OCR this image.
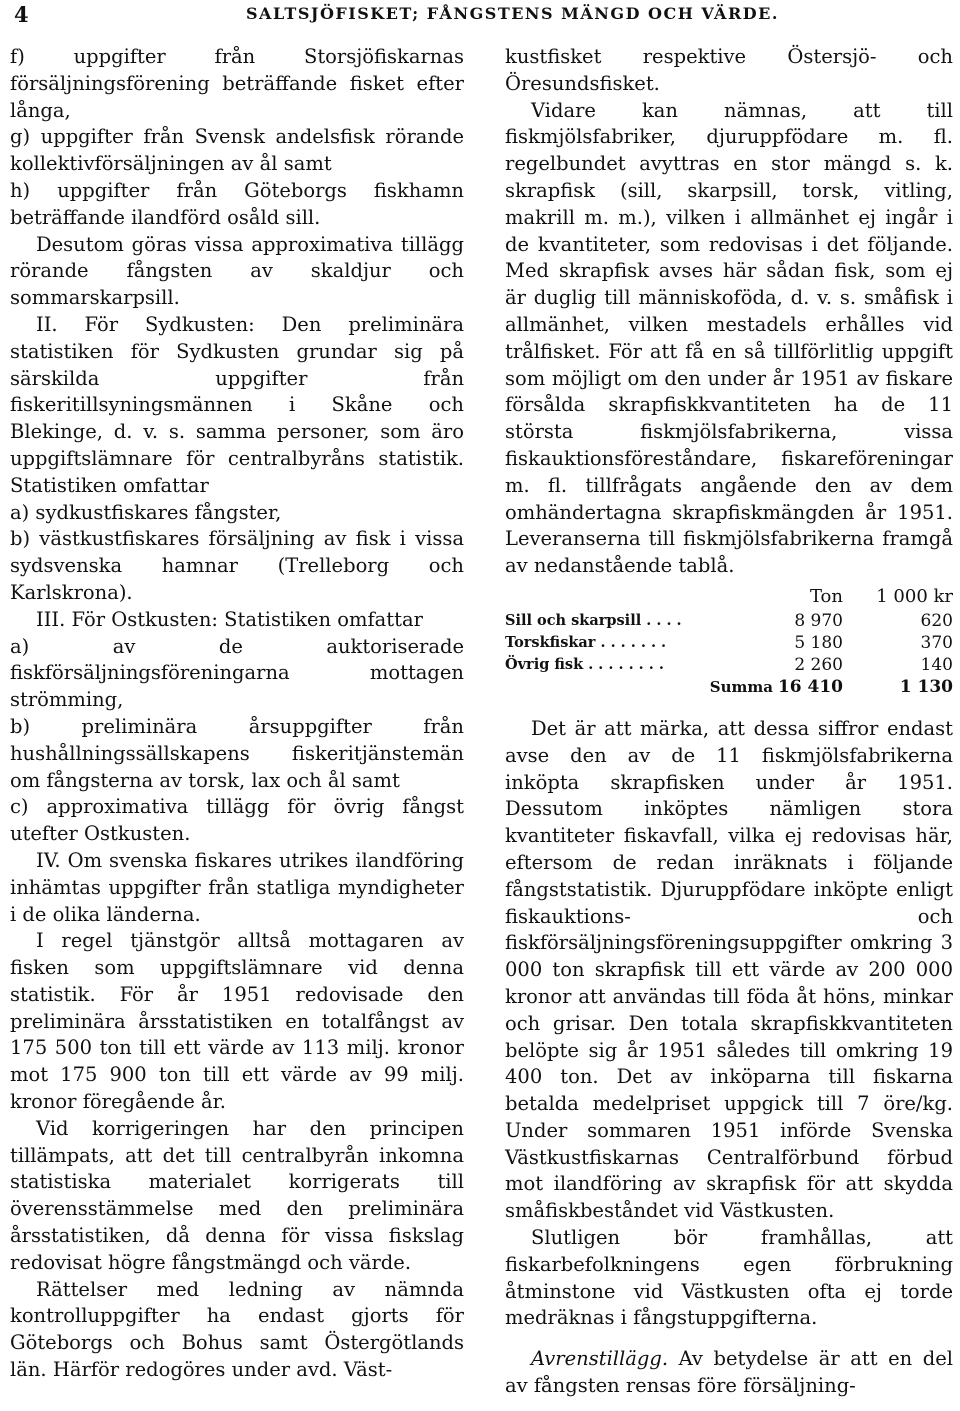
4	SALTSJÖFISKET; FÅNGSTENS MÄNGD OCH VÄRDE.

f) uppgifter från Storsjöfiskarnas försäljningsförening beträffande fisket efter långa,

g) uppgifter från Svensk andelsfisk rörande kollektivförsäljningen av ål samt

h) uppgifter från Göteborgs fiskhamn beträffande ilandförd osåld sill.

Desutom göras vissa approximativa tillägg rörande fångsten av skaldjur och sommarskarpsill.

II. För Sydkusten: Den preliminära statistiken för Sydkusten grundar sig på särskilda uppgifter från fiskeritillsyningsmännen i Skåne och Blekinge, d. v. s. samma personer, som äro uppgiftslämnare för centralbyråns statistik. Statistiken omfattar

a) sydkustfiskares fångster,

b) västkustfiskares försäljning av fisk i vissa sydsvenska hamnar (Trelleborg och Karlskrona).

III. För Ostkusten: Statistiken omfattar

a) av de auktoriserade fiskförsäljningsföreningarna mottagen strömming,

b) preliminära årsuppgifter från hushållningssällskapens fiskeritjänstemän om fångsterna av torsk, lax och ål samt

c) approximativa tillägg för övrig fångst utefter Ostkusten.

IV. Om svenska fiskares utrikes ilandföring inhämtas uppgifter från statliga myndigheter i de olika länderna.

I regel tjänstgör alltså mottagaren av fisken som uppgiftslämnare vid denna statistik. För år 1951 redovisade den preliminära årsstatistiken en totalfångst av 175 500 ton till ett värde av 113 milj. kronor mot 175 900 ton till ett värde av 99 milj. kronor föregående år.

Vid korrigeringen har den principen tillämpats, att det till centralbyrån inkomna statistiska materialet korrigerats till överensstämmelse med den preliminära årsstatistiken, då denna för vissa fiskslag redovisat högre fångstmängd och värde.

Rättelser med ledning av nämnda kontrolluppgifter ha endast gjorts för Göteborgs och Bohus samt Östergötlands län. Härför redogöres under avd. Väst-

kustfisket respektive Östersjö- och Öresundsfisket.

Vidare kan nämnas, att till fiskmjölsfabriker, djuruppfödare m. fl. regelbundet avyttras en stor mängd s. k. skrapfisk (sill, skarpsill, torsk, vitling, makrill m. m.), vilken i allmänhet ej ingår i de kvantiteter, som redovisas i det följande. Med skrapfisk avses här sådan fisk, som ej är duglig till människoföda, d. v. s. småfisk i allmänhet, vilken mestadels erhålles vid trålfisket. För att få en så tillförlitlig uppgift som möjligt om den under år 1951 av fiskare försålda skrapfiskkvantiteten ha de 11 största fiskmjölsfabrikerna, vissa fiskauktionsföreståndare, fiskareföreningar m. fl. tillfrågats angående den av dem omhändertagna skrapfiskmängden år 1951. Leveranserna till fiskmjölsfabrikerna framgå av nedanstående tablå.

	Ton	1 000 kr
Sill och skarpsill . . . .	8 970	620
Torskfiskar . . . . . . .	5 180	370
Övrig fisk . . . . . . . .	2 260	140
Summa	16 410	1 130

Det är att märka, att dessa siffror endast avse den av de 11 fiskmjölsfabrikerna inköpta skrapfisken under år 1951. Dessutom inköptes nämligen stora kvantiteter fiskavfall, vilka ej redovisas här, eftersom de redan inräknats i följande fångststatistik. Djuruppfödare inköpte enligt fiskauktions- och fiskförsäljningsföreningsuppgifter omkring 3 000 ton skrapfisk till ett värde av 200 000 kronor att användas till föda åt höns, minkar och grisar. Den totala skrapfiskkvantiteten belöpte sig år 1951 således till omkring 19 400 ton. Det av inköparna till fiskarna betalda medelpriset uppgick till 7 öre/kg. Under sommaren 1951 införde Svenska Västkustfiskarnas Centralförbund förbud mot ilandföring av skrapfisk för att skydda småfiskbeståndet vid Västkusten.

Slutligen bör framhållas, att fiskarbefolkningens egen förbrukning åtminstone vid Västkusten ofta ej torde medräknas i fångstuppgifterna.

Avrenstillägg. Av betydelse är att en del av fångsten rensas före försäljning-
